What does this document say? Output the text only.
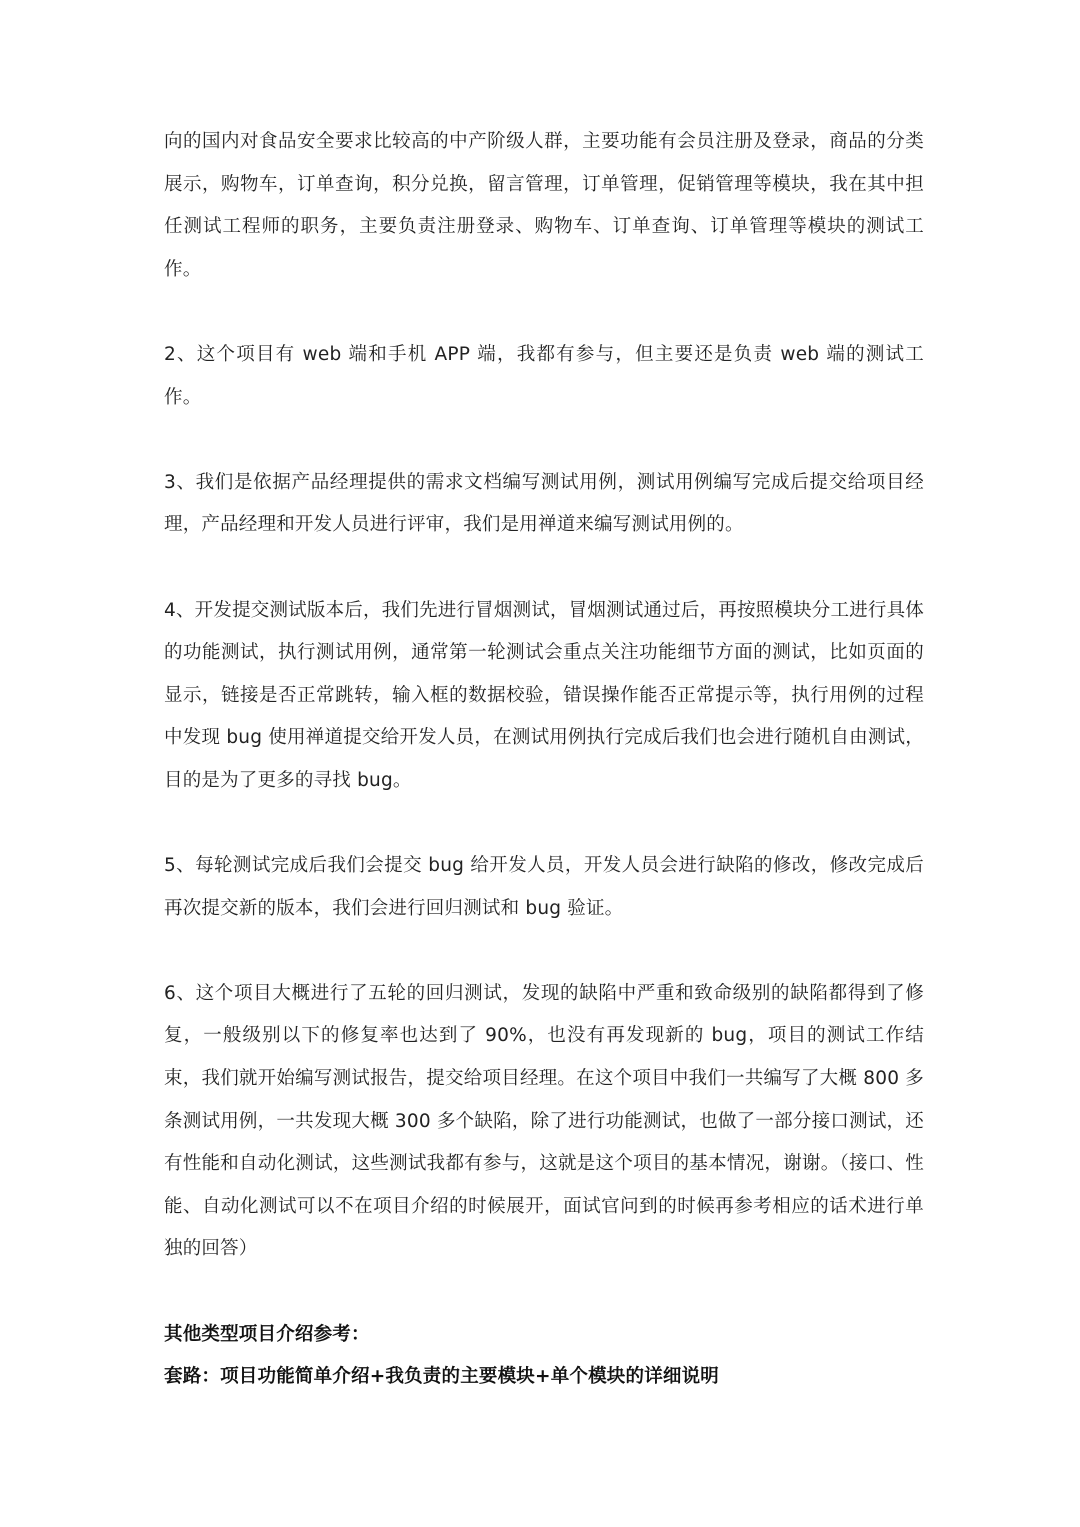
向的国内对食品安全要求比较高的中产阶级人群，主要功能有会员注册及登录，商品的分类展示，购物车，订单查询，积分兑换，留言管理，订单管理，促销管理等模块，我在其中担任测试工程师的职务，主要负责注册登录、购物车、订单查询、订单管理等模块的测试工作。

2、这个项目有 web 端和手机 APP 端，我都有参与，但主要还是负责 web 端的测试工作。

3、我们是依据产品经理提供的需求文档编写测试用例，测试用例编写完成后提交给项目经理，产品经理和开发人员进行评审，我们是用禅道来编写测试用例的。

4、开发提交测试版本后，我们先进行冒烟测试，冒烟测试通过后，再按照模块分工进行具体的功能测试，执行测试用例，通常第一轮测试会重点关注功能细节方面的测试，比如页面的显示，链接是否正常跳转，输入框的数据校验，错误操作能否正常提示等，执行用例的过程中发现 bug 使用禅道提交给开发人员，在测试用例执行完成后我们也会进行随机自由测试，目的是为了更多的寻找 bug。

5、每轮测试完成后我们会提交 bug 给开发人员，开发人员会进行缺陷的修改，修改完成后再次提交新的版本，我们会进行回归测试和 bug 验证。

6、这个项目大概进行了五轮的回归测试，发现的缺陷中严重和致命级别的缺陷都得到了修复，一般级别以下的修复率也达到了 90%，也没有再发现新的 bug，项目的测试工作结束，我们就开始编写测试报告，提交给项目经理。在这个项目中我们一共编写了大概 800 多条测试用例，一共发现大概 300 多个缺陷，除了进行功能测试，也做了一部分接口测试，还有性能和自动化测试，这些测试我都有参与，这就是这个项目的基本情况，谢谢。（接口、性能、自动化测试可以不在项目介绍的时候展开，面试官问到的时候再参考相应的话术进行单独的回答）

其他类型项目介绍参考：

套路：项目功能简单介绍+我负责的主要模块+单个模块的详细说明
